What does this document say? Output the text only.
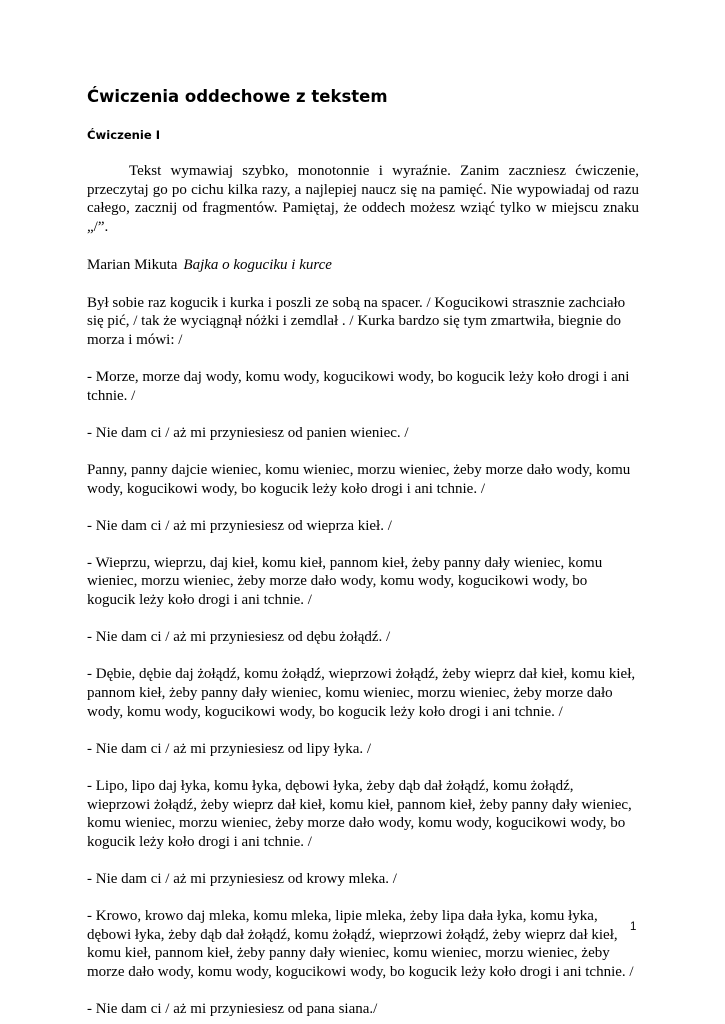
Ćwiczenia oddechowe z tekstem
Ćwiczenie I

Tekst wymawiaj szybko, monotonnie i wyraźnie. Zanim zaczniesz ćwiczenie, przeczytaj go po cichu kilka razy, a najlepiej naucz się na pamięć. Nie wypowiadaj od razu całego, zacznij od fragmentów. Pamiętaj, że oddech możesz wziąć tylko w miejscu znaku „/”.

Marian Mikuta Bajka o koguciku i kurce

Był sobie raz kogucik i kurka i poszli ze sobą na spacer. / Kogucikowi strasznie zachciało się pić, / tak że wyciągnął nóżki i zemdlał . / Kurka bardzo się tym zmartwiła, biegnie do morza i mówi: /

- Morze, morze daj wody, komu wody, kogucikowi wody, bo kogucik leży koło drogi i ani tchnie. /

- Nie dam ci / aż mi przyniesiesz od panien wieniec. /

Panny, panny dajcie wieniec, komu wieniec, morzu wieniec, żeby morze dało wody, komu wody, kogucikowi wody, bo kogucik leży koło drogi i ani tchnie. /

- Nie dam ci / aż mi przyniesiesz od wieprza kieł. /

- Wieprzu, wieprzu, daj kieł, komu kieł, pannom kieł, żeby panny dały wieniec, komu wieniec, morzu wieniec, żeby morze dało wody, komu wody, kogucikowi wody, bo kogucik leży koło drogi i ani tchnie. /

- Nie dam ci / aż mi przyniesiesz od dębu żołądź. /

- Dębie, dębie daj żołądź, komu żołądź, wieprzowi żołądź, żeby wieprz dał kieł, komu kieł, pannom kieł, żeby panny dały wieniec, komu wieniec, morzu wieniec, żeby morze dało wody, komu wody, kogucikowi wody, bo kogucik leży koło drogi i ani tchnie. /

- Nie dam ci / aż mi przyniesiesz od lipy łyka. /

- Lipo, lipo daj łyka, komu łyka, dębowi łyka, żeby dąb dał żołądź, komu żołądź, wieprzowi żołądź, żeby wieprz dał kieł, komu kieł, pannom kieł, żeby panny dały wieniec, komu wieniec, morzu wieniec, żeby morze dało wody, komu wody, kogucikowi wody, bo kogucik leży koło drogi i ani tchnie. /

- Nie dam ci / aż mi przyniesiesz od krowy mleka. /

- Krowo, krowo daj mleka, komu mleka, lipie mleka, żeby lipa dała łyka, komu łyka, dębowi łyka, żeby dąb dał żołądź, komu żołądź, wieprzowi żołądź, żeby wieprz dał kieł, komu kieł, pannom kieł, żeby panny dały wieniec, komu wieniec, morzu wieniec, żeby morze dało wody, komu wody, kogucikowi wody, bo kogucik leży koło drogi i ani tchnie. /

- Nie dam ci / aż mi przyniesiesz od pana siana./

1
